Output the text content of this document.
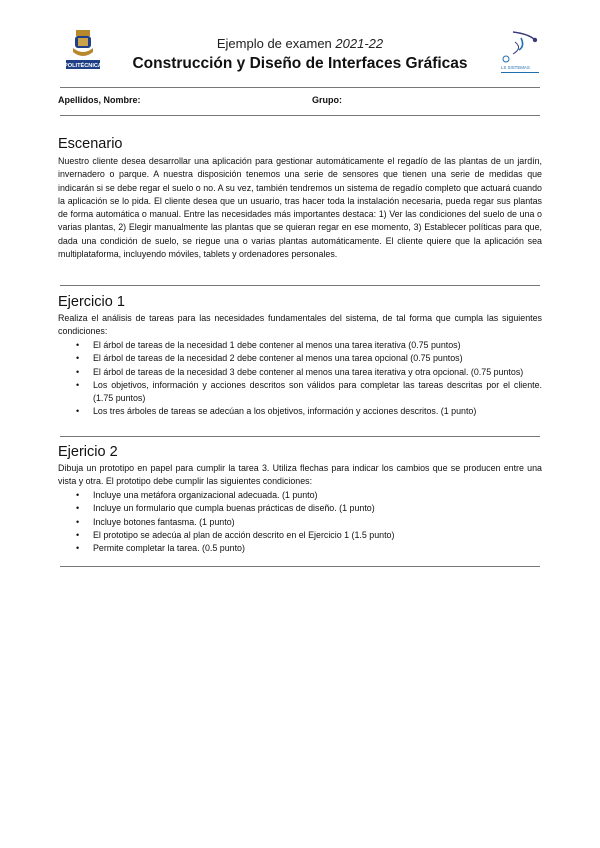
POLITÉCNICA	LS SISTEMAS
Ejemplo de examen 2021-22
Construcción y Diseño de Interfaces Gráficas
Apellidos, Nombre:	Grupo:
Escenario
Nuestro cliente desea desarrollar una aplicación para gestionar automáticamente el regadío de las plantas de un jardín, invernadero o parque. A nuestra disposición tenemos una serie de sensores que tienen una serie de medidas que indicarán si se debe regar el suelo o no. A su vez, también tendremos un sistema de regadío completo que actuará cuando la aplicación se lo pida. El cliente desea que un usuario, tras hacer toda la instalación necesaria, pueda regar sus plantas de forma automática o manual. Entre las necesidades más importantes destaca: 1) Ver las condiciones del suelo de una o varias plantas, 2) Elegir manualmente las plantas que se quieran regar en ese momento, 3) Establecer políticas para que, dada una condición de suelo, se riegue una o varias plantas automáticamente. El cliente quiere que la aplicación sea multiplataforma, incluyendo móviles, tablets y ordenadores personales.
Ejercicio 1
Realiza el análisis de tareas para las necesidades fundamentales del sistema, de tal forma que cumpla las siguientes condiciones:
• El árbol de tareas de la necesidad 1 debe contener al menos una tarea iterativa (0.75 puntos)
• El árbol de tareas de la necesidad 2 debe contener al menos una tarea opcional (0.75 puntos)
• El árbol de tareas de la necesidad 3 debe contener al menos una tarea iterativa y otra opcional. (0.75 puntos)
• Los objetivos, información y acciones descritos son válidos para completar las tareas descritas por el cliente. (1.75 puntos)
• Los tres árboles de tareas se adecúan a los objetivos, información y acciones descritos. (1 punto)
Ejericio 2
Dibuja un prototipo en papel para cumplir la tarea 3. Utiliza flechas para indicar los cambios que se producen entre una vista y otra. El prototipo debe cumplir las siguientes condiciones:
• Incluye una metáfora organizacional adecuada. (1 punto)
• Incluye un formulario que cumpla buenas prácticas de diseño. (1 punto)
• Incluye botones fantasma. (1 punto)
• El prototipo se adecúa al plan de acción descrito en el Ejercicio 1 (1.5 punto)
• Permite completar la tarea. (0.5 punto)
